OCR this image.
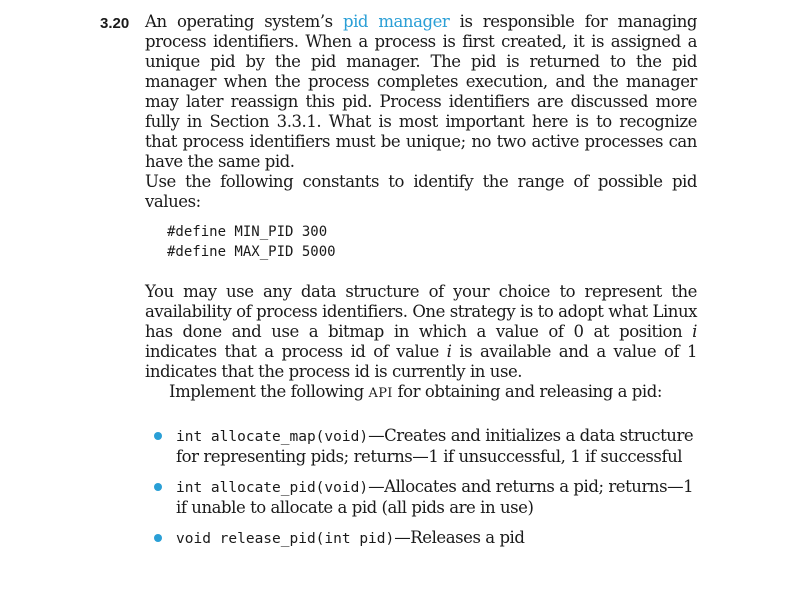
3.20 An operating system’s pid manager is responsible for managing process identifiers. When a process is first created, it is assigned a unique pid by the pid manager. The pid is returned to the pid manager when the process completes execution, and the manager may later reassign this pid. Process identifiers are discussed more fully in Section 3.3.1. What is most important here is to recognize that process identifiers must be unique; no two active processes can have the same pid.
Use the following constants to identify the range of possible pid values:

#define MIN_PID 300
#define MAX_PID 5000

You may use any data structure of your choice to represent the availability of process identifiers. One strategy is to adopt what Linux has done and use a bitmap in which a value of 0 at position i indicates that a process id of value i is available and a value of 1 indicates that the process id is currently in use.

Implement the following API for obtaining and releasing a pid:

int allocate_map(void)—Creates and initializes a data structure for representing pids; returns—1 if unsuccessful, 1 if successful
int allocate_pid(void)—Allocates and returns a pid; returns—1 if unable to allocate a pid (all pids are in use)
void release_pid(int pid)—Releases a pid
